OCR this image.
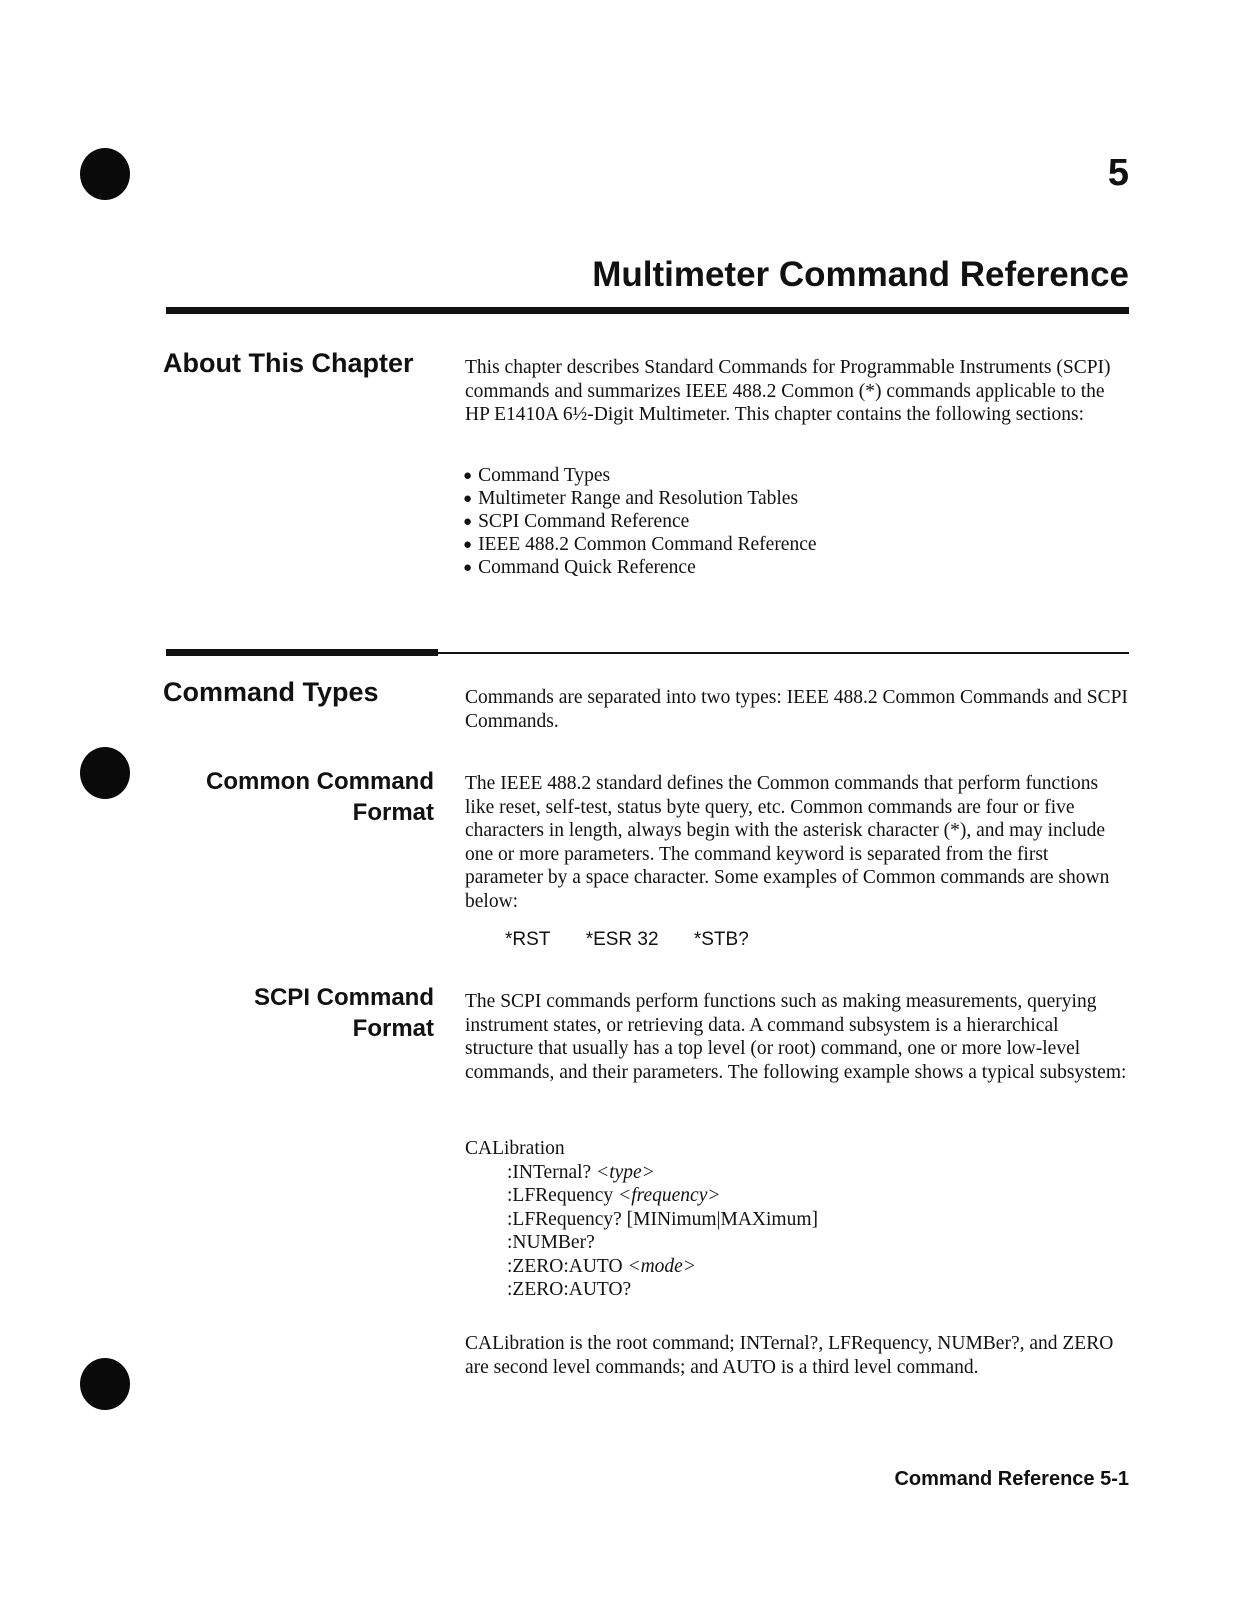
5
Multimeter Command Reference
About This Chapter	This chapter describes Standard Commands for Programmable Instruments (SCPI) commands and summarizes IEEE 488.2 Common (*) commands applicable to the HP E1410A 6½-Digit Multimeter. This chapter contains the following sections:
● Command Types
● Multimeter Range and Resolution Tables
● SCPI Command Reference
● IEEE 488.2 Common Command Reference
● Command Quick Reference
Command Types	Commands are separated into two types: IEEE 488.2 Common Commands and SCPI Commands.
Common Command
Format
The IEEE 488.2 standard defines the Common commands that perform functions like reset, self-test, status byte query, etc. Common commands are four or five characters in length, always begin with the asterisk character (*), and may include one or more parameters. The command keyword is separated from the first parameter by a space character. Some examples of Common commands are shown below:
*RST *ESR 32 *STB?
SCPI Command
Format
The SCPI commands perform functions such as making measurements, querying instrument states, or retrieving data. A command subsystem is a hierarchical structure that usually has a top level (or root) command, one or more low-level commands, and their parameters. The following example shows a typical subsystem:
CALibration
:INTernal? <type>
:LFRequency <frequency>
:LFRequency? [MINimum|MAXimum]
:NUMBer?
:ZERO:AUTO <mode>
:ZERO:AUTO?
CALibration is the root command; INTernal?, LFRequency, NUMBer?, and ZERO are second level commands; and AUTO is a third level command.
Command Reference 5-1
